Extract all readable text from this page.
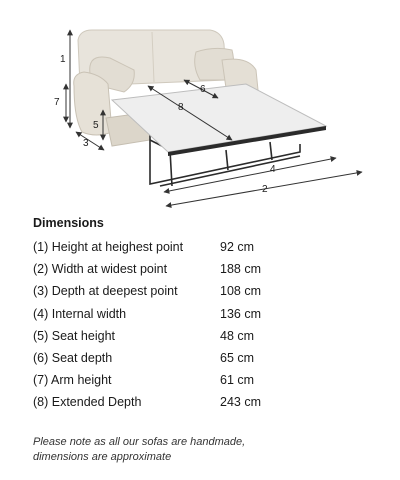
1
7
5
3
8
6
4
2
Dimensions
(1) Height at heighest point	92 cm
(2) Width at widest point	188 cm
(3) Depth at deepest point	108 cm
(4) Internal width	136 cm
(5) Seat height	48 cm
(6) Seat depth	65 cm
(7) Arm height	61 cm
(8) Extended Depth	243 cm
Please note as all our sofas are handmade,
dimensions are approximate
